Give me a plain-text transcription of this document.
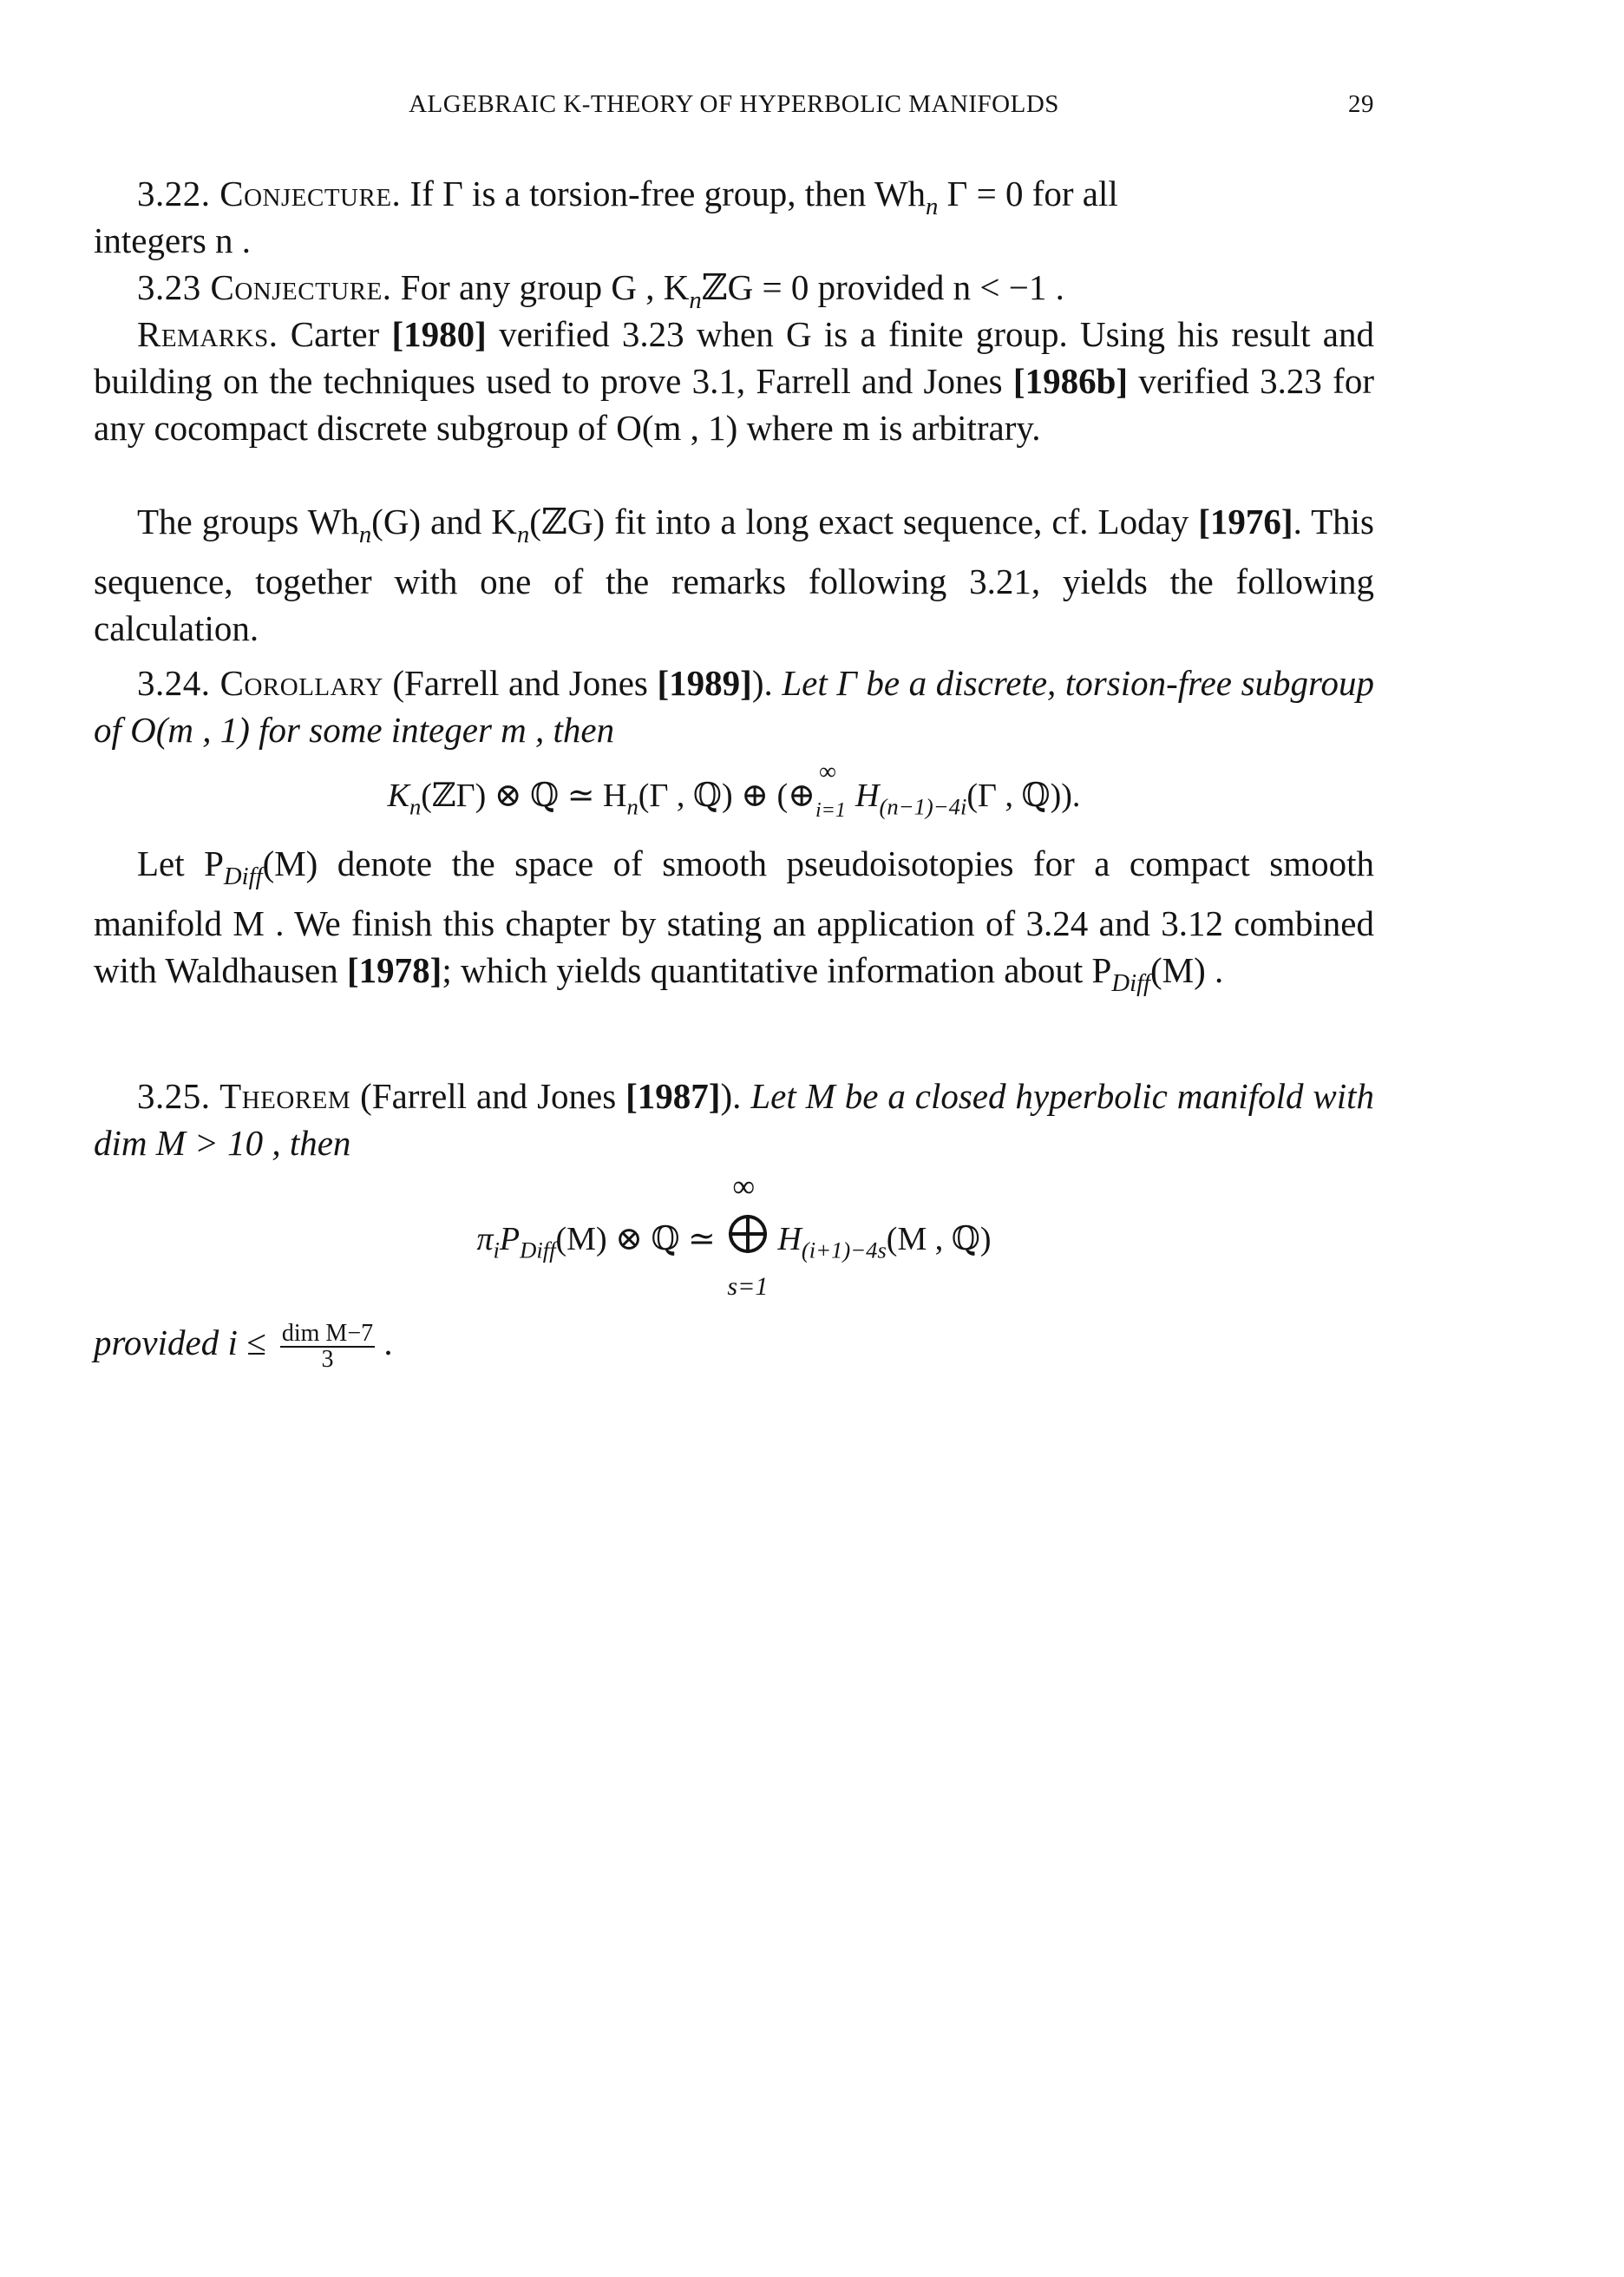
ALGEBRAIC K-THEORY OF HYPERBOLIC MANIFOLDS	29
3.22. Conjecture. If Γ is a torsion-free group, then $Wh_n$ Γ = 0 for all
integers n .
3.23 Conjecture. For any group G , $K_nℤG = 0$ provided n < −1 .
Remarks. Carter [1980] verified 3.23 when G is a finite group. Using his result and building on the techniques used to prove 3.1, Farrell and Jones [1986b] verified 3.23 for any cocompact discrete subgroup of O(m , 1) where m is arbitrary.
The groups $Wh_n(G)$ and $K_n(ℤG)$ fit into a long exact sequence, cf. Loday [1976]. This sequence, together with one of the remarks following 3.21, yields the following calculation.
3.24. Corollary (Farrell and Jones [1989]). Let Γ be a discrete, torsion-free subgroup of O(m , 1) for some integer m , then
$K_n(ℤ\Gamma)$ ⊗ ℚ ≃ $H_n(\Gamma$ , ℚ) ⊕ (⊕
∞
i=1 $H_{(n-1)-4i}(\Gamma$ , ℚ)).
Let $P_{Diff}(M)$ denote the space of smooth pseudoisotopies for a compact smooth manifold M . We finish this chapter by stating an application of 3.24 and 3.12 combined with Waldhausen [1978]; which yields quantitative information about $P_{Diff}(M)$ .
3.25. Theorem (Farrell and Jones [1987]). Let M be a closed hyperbolic manifold with dim M > 10 , then
$\pi_iP_{Diff}(M)$ ⊗ ℚ ≃
∞
s=1
$H_{(i+1)-4s}(M$ , ℚ)
provided $i \le \frac{\text{dim M−7}}{3}$ .
